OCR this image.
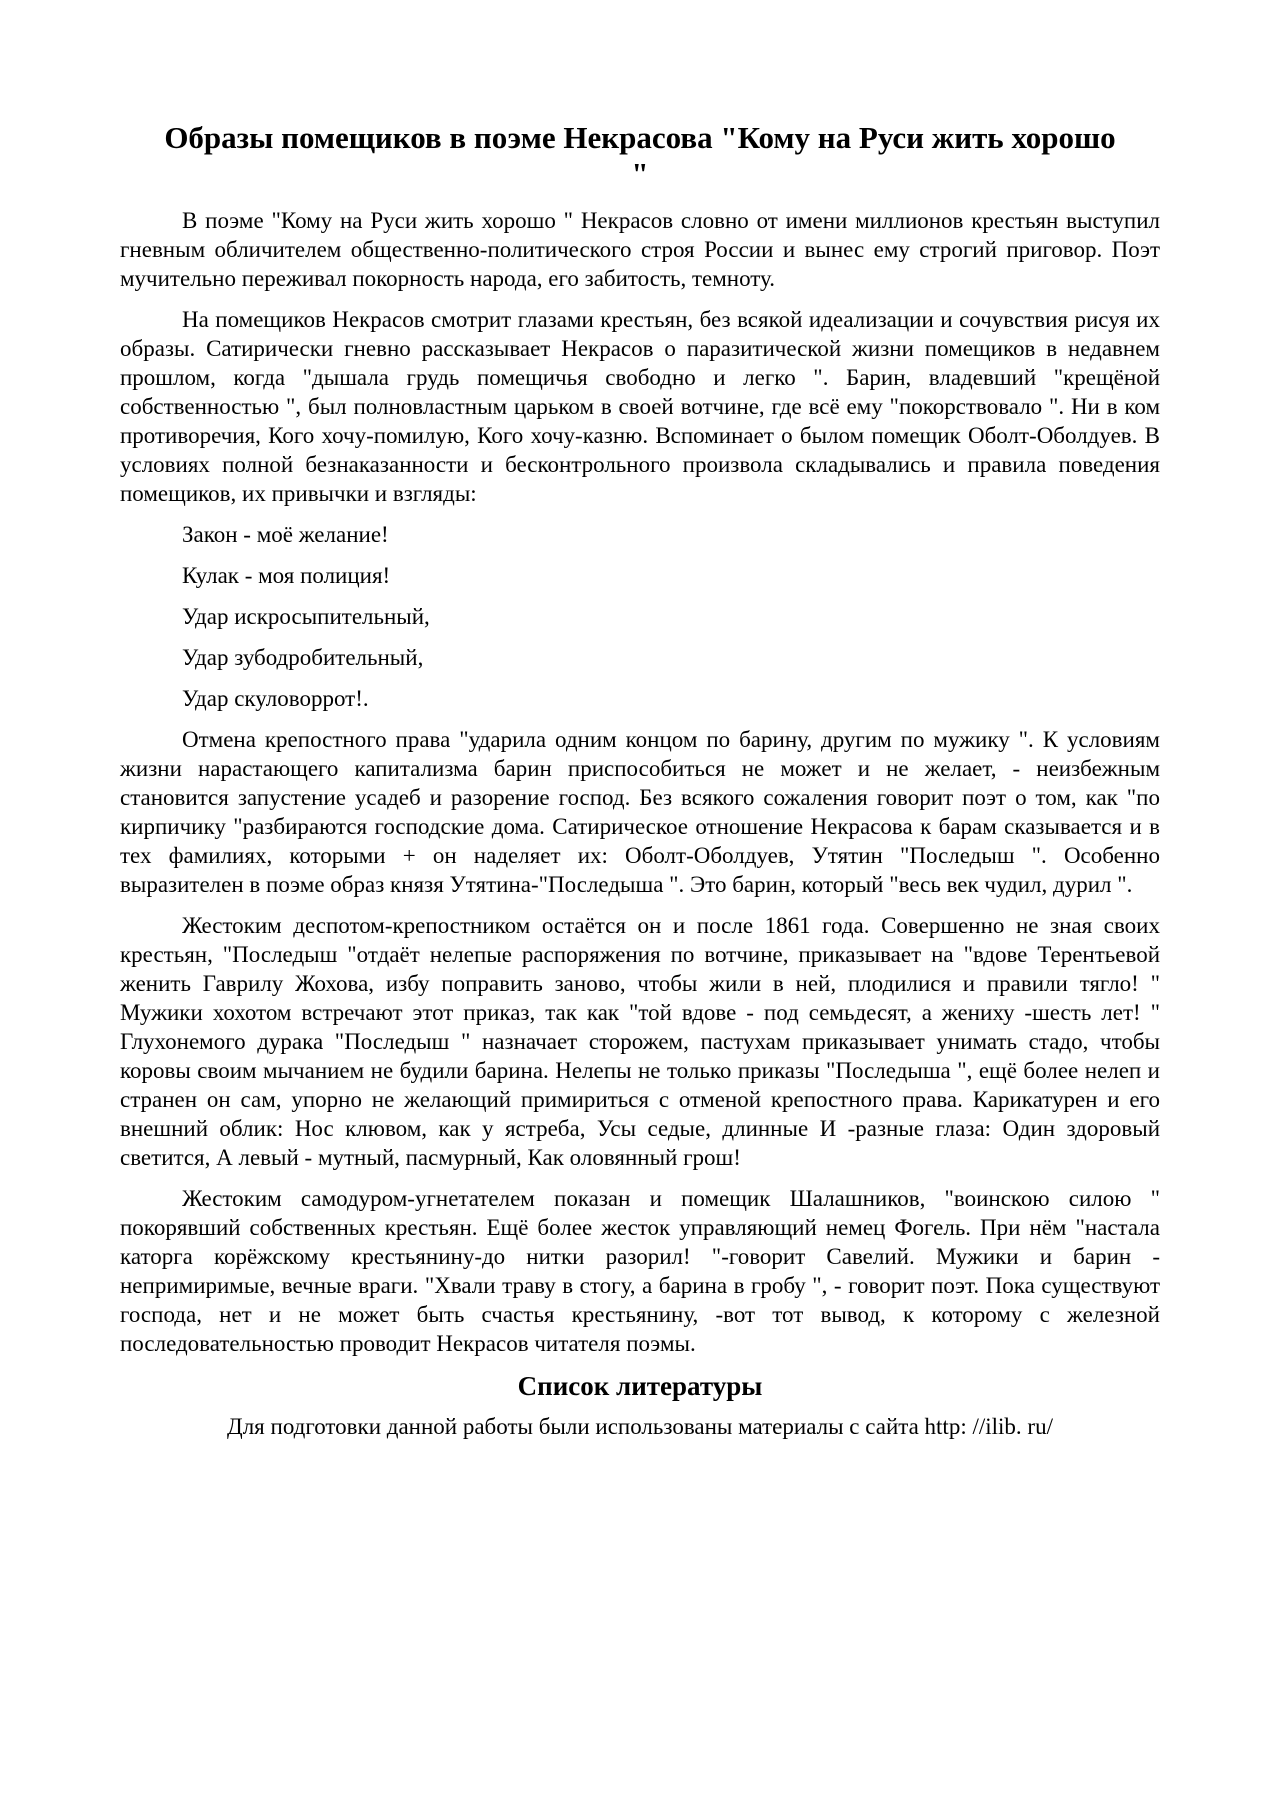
Образы помещиков в поэме Некрасова "Кому на Руси жить хорошо "

В поэме "Кому на Руси жить хорошо " Некрасов словно от имени миллионов крестьян выступил гневным обличителем общественно-политического строя России и вынес ему строгий приговор. Поэт мучительно переживал покорность народа, его забитость, темноту.

На помещиков Некрасов смотрит глазами крестьян, без всякой идеализации и сочувствия рисуя их образы. Сатирически гневно рассказывает Некрасов о паразитической жизни помещиков в недавнем прошлом, когда "дышала грудь помещичья свободно и легко ". Барин, владевший "крещёной собственностью ", был полновластным царьком в своей вотчине, где всё ему "покорствовало ". Ни в ком противоречия, Кого хочу-помилую, Кого хочу-казню. Вспоминает о былом помещик Оболт-Оболдуев. В условиях полной безнаказанности и бесконтрольного произвола складывались и правила поведения помещиков, их привычки и взгляды:

Закон - моё желание!

Кулак - моя полиция!

Удар искросыпительный,

Удар зубодробительный,

Удар скуловоррот!.

Отмена крепостного права "ударила одним концом по барину, другим по мужику ". К условиям жизни нарастающего капитализма барин приспособиться не может и не желает, - неизбежным становится запустение усадеб и разорение господ. Без всякого сожаления говорит поэт о том, как "по кирпичику "разбираются господские дома. Сатирическое отношение Некрасова к барам сказывается и в тех фамилиях, которыми + он наделяет их: Оболт-Оболдуев, Утятин "Последыш ". Особенно выразителен в поэме образ князя Утятина-"Последыша ". Это барин, который "весь век чудил, дурил ".

Жестоким деспотом-крепостником остаётся он и после 1861 года. Совершенно не зная своих крестьян, "Последыш "отдаёт нелепые распоряжения по вотчине, приказывает на "вдове Терентьевой женить Гаврилу Жохова, избу поправить заново, чтобы жили в ней, плодилися и правили тягло! " Мужики хохотом встречают этот приказ, так как "той вдове - под семьдесят, а жениху -шесть лет! " Глухонемого дурака "Последыш " назначает сторожем, пастухам приказывает унимать стадо, чтобы коровы своим мычанием не будили барина. Нелепы не только приказы "Последыша ", ещё более нелеп и странен он сам, упорно не желающий примириться с отменой крепостного права. Карикатурен и его внешний облик: Нос клювом, как у ястреба, Усы седые, длинные И -разные глаза: Один здоровый светится, А левый - мутный, пасмурный, Как оловянный грош!

Жестоким самодуром-угнетателем показан и помещик Шалашников, "воинскою силою " покорявший собственных крестьян. Ещё более жесток управляющий немец Фогель. При нём "настала каторга корёжскому крестьянину-до нитки разорил! "-говорит Савелий. Мужики и барин - непримиримые, вечные враги. "Хвали траву в стогу, а барина в гробу ", - говорит поэт. Пока существуют господа, нет и не может быть счастья крестьянину, -вот тот вывод, к которому с железной последовательностью проводит Некрасов читателя поэмы.

Список литературы

Для подготовки данной работы были использованы материалы с сайта http: //ilib. ru/
